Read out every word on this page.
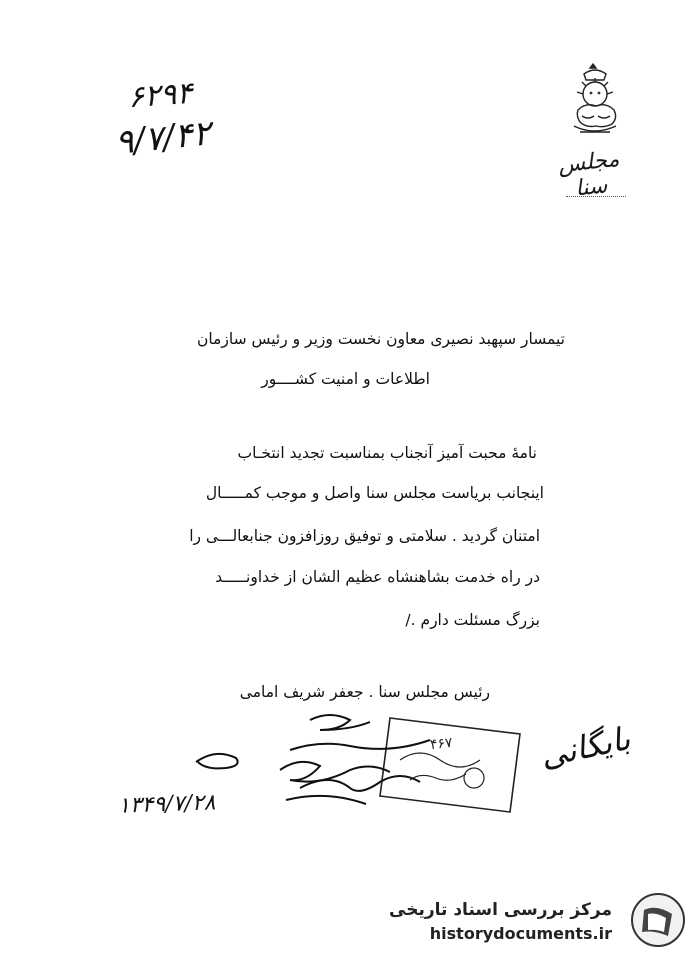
مجلس سنا
۶۲۹۴
۹/۷/۴۲
تیمسار سپهبد نصیری معاون نخست وزیر و رئیس سازمان
اطلاعات و امنیت کشــــور
نامهٔ محبت آمیز آنجناب بمناسبت تجدید انتخـاب
اینجانب بریاست مجلس سنا واصل و موجب کمـــــال
امتنان گردید . سلامتی و توفیق روزافزون جنابعالـــی را
در راه خدمت بشاهنشاه عظیم الشان از خداونـــــد
بزرگ مسئلت دارم ./
رئیس مجلس سنا . جعفر شریف امامی
۴۶۷
۱۳۴۹/۷/۲۸
بایگانی
مرکز بررسی اسناد تاریخی
historydocuments.ir
